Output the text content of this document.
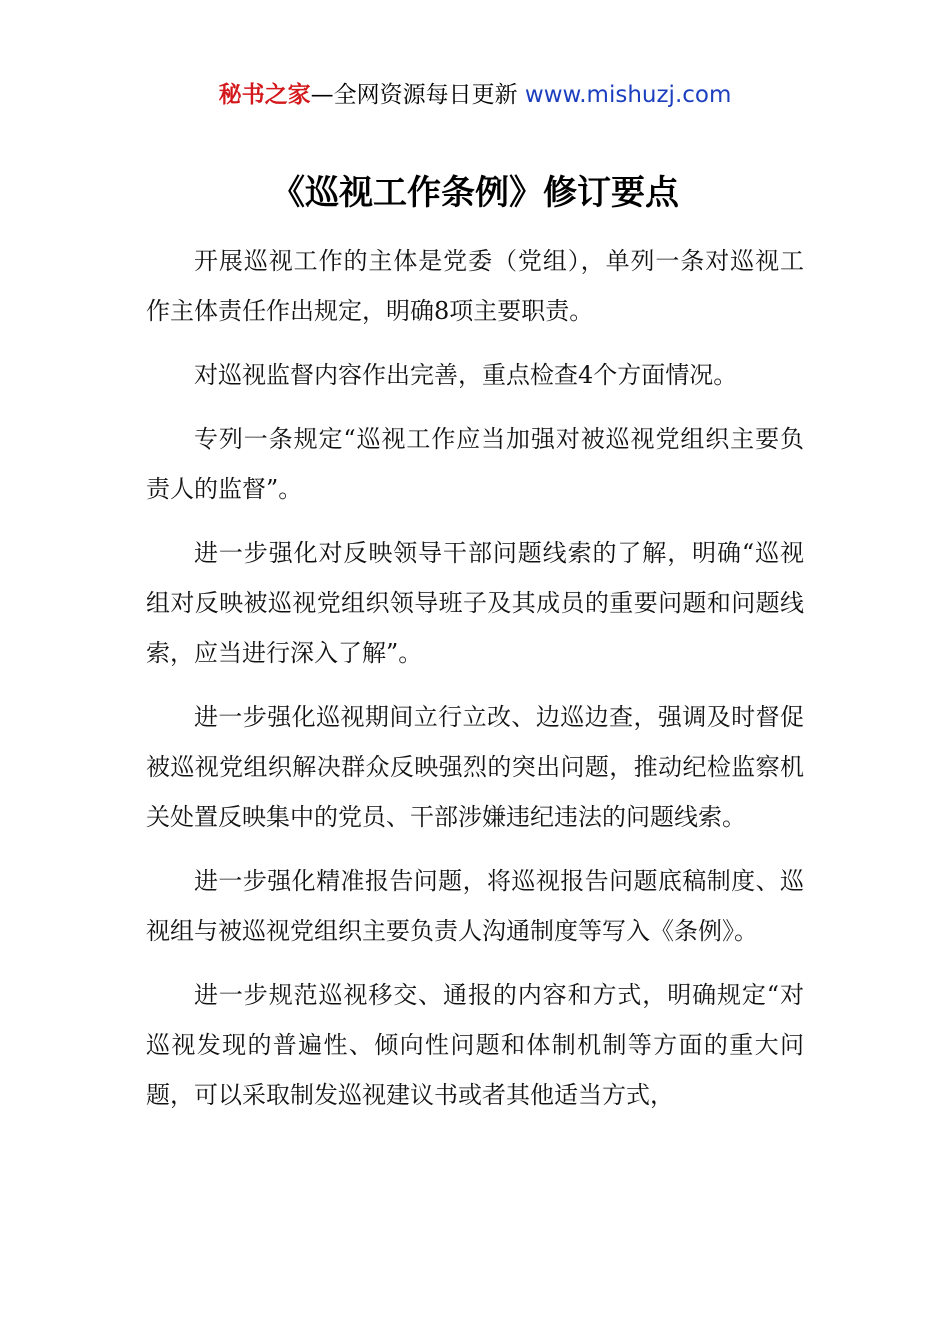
秘书之家—全网资源每日更新 www.mishuzj.com
《巡视工作条例》修订要点

开展巡视工作的主体是党委（党组），单列一条对巡视工作主体责任作出规定，明确8项主要职责。

对巡视监督内容作出完善，重点检查4个方面情况。

专列一条规定“巡视工作应当加强对被巡视党组织主要负责人的监督”。

进一步强化对反映领导干部问题线索的了解，明确“巡视组对反映被巡视党组织领导班子及其成员的重要问题和问题线索，应当进行深入了解”。

进一步强化巡视期间立行立改、边巡边查，强调及时督促被巡视党组织解决群众反映强烈的突出问题，推动纪检监察机关处置反映集中的党员、干部涉嫌违纪违法的问题线索。

进一步强化精准报告问题，将巡视报告问题底稿制度、巡视组与被巡视党组织主要负责人沟通制度等写入《条例》。

进一步规范巡视移交、通报的内容和方式，明确规定“对巡视发现的普遍性、倾向性问题和体制机制等方面的重大问题，可以采取制发巡视建议书或者其他适当方式，
